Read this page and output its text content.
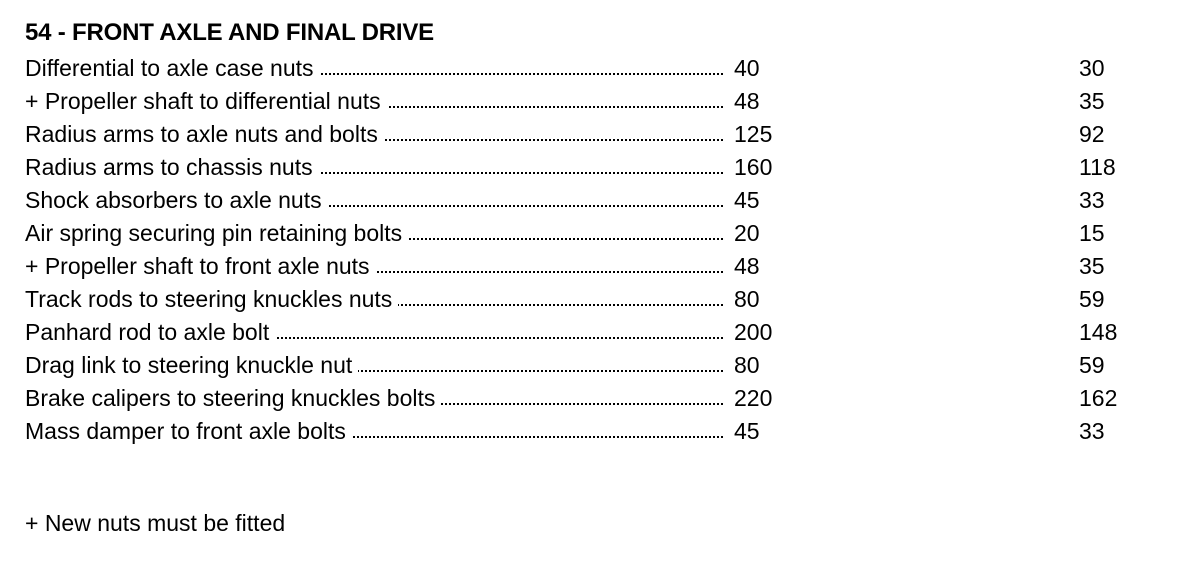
54 - FRONT AXLE AND FINAL DRIVE
Differential to axle case nuts	40	30
+ Propeller shaft to differential nuts	48	35
Radius arms to axle nuts and bolts	125	92
Radius arms to chassis nuts	160	118
Shock absorbers to axle nuts	45	33
Air spring securing pin retaining bolts	20	15
+ Propeller shaft to front axle nuts	48	35
Track rods to steering knuckles nuts	80	59
Panhard rod to axle bolt	200	148
Drag link to steering knuckle nut	80	59
Brake calipers to steering knuckles bolts	220	162
Mass damper to front axle bolts	45	33
+ New nuts must be fitted
